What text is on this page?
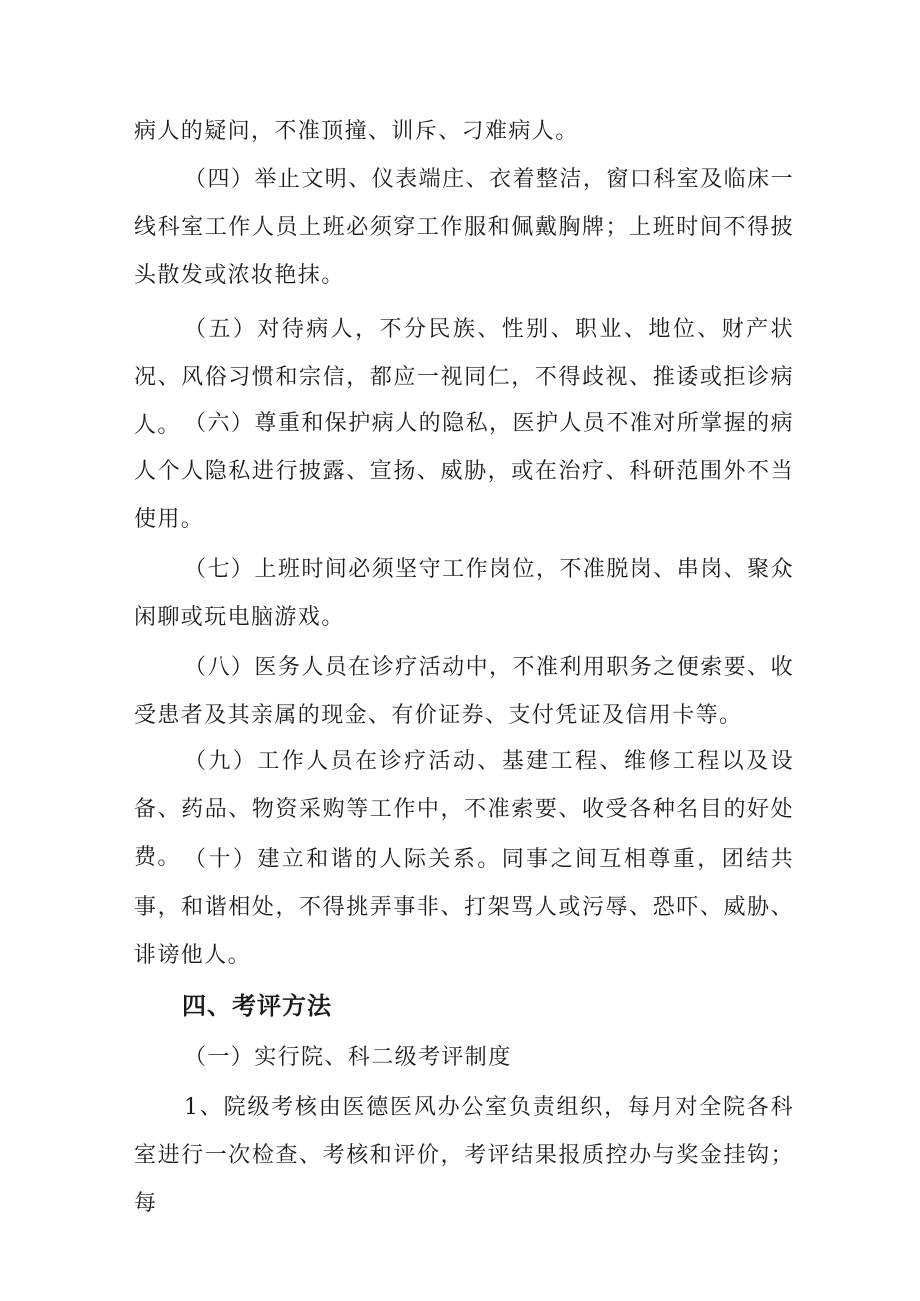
病人的疑问，不准顶撞、训斥、刁难病人。

（四）举止文明、仪表端庄、衣着整洁，窗口科室及临床一线科室工作人员上班必须穿工作服和佩戴胸牌；上班时间不得披头散发或浓妆艳抹。

（五）对待病人，不分民族、性别、职业、地位、财产状况、风俗习惯和宗信，都应一视同仁，不得歧视、推诿或拒诊病人。 （六）尊重和保护病人的隐私，医护人员不准对所掌握的病人个人隐私进行披露、宣扬、威胁，或在治疗、科研范围外不当使用。

（七）上班时间必须坚守工作岗位，不准脱岗、串岗、聚众闲聊或玩电脑游戏。

（八）医务人员在诊疗活动中，不准利用职务之便索要、收受患者及其亲属的现金、有价证券、支付凭证及信用卡等。

（九）工作人员在诊疗活动、基建工程、维修工程以及设备、药品、物资采购等工作中，不准索要、收受各种名目的好处费。 （十）建立和谐的人际关系。同事之间互相尊重，团结共事，和谐相处，不得挑弄事非、打架骂人或污辱、恐吓、威胁、诽谤他人。

四、考评方法

（一）实行院、科二级考评制度

1、院级考核由医德医风办公室负责组织，每月对全院各科室进行一次检查、考核和评价，考评结果报质控办与奖金挂钩；每
